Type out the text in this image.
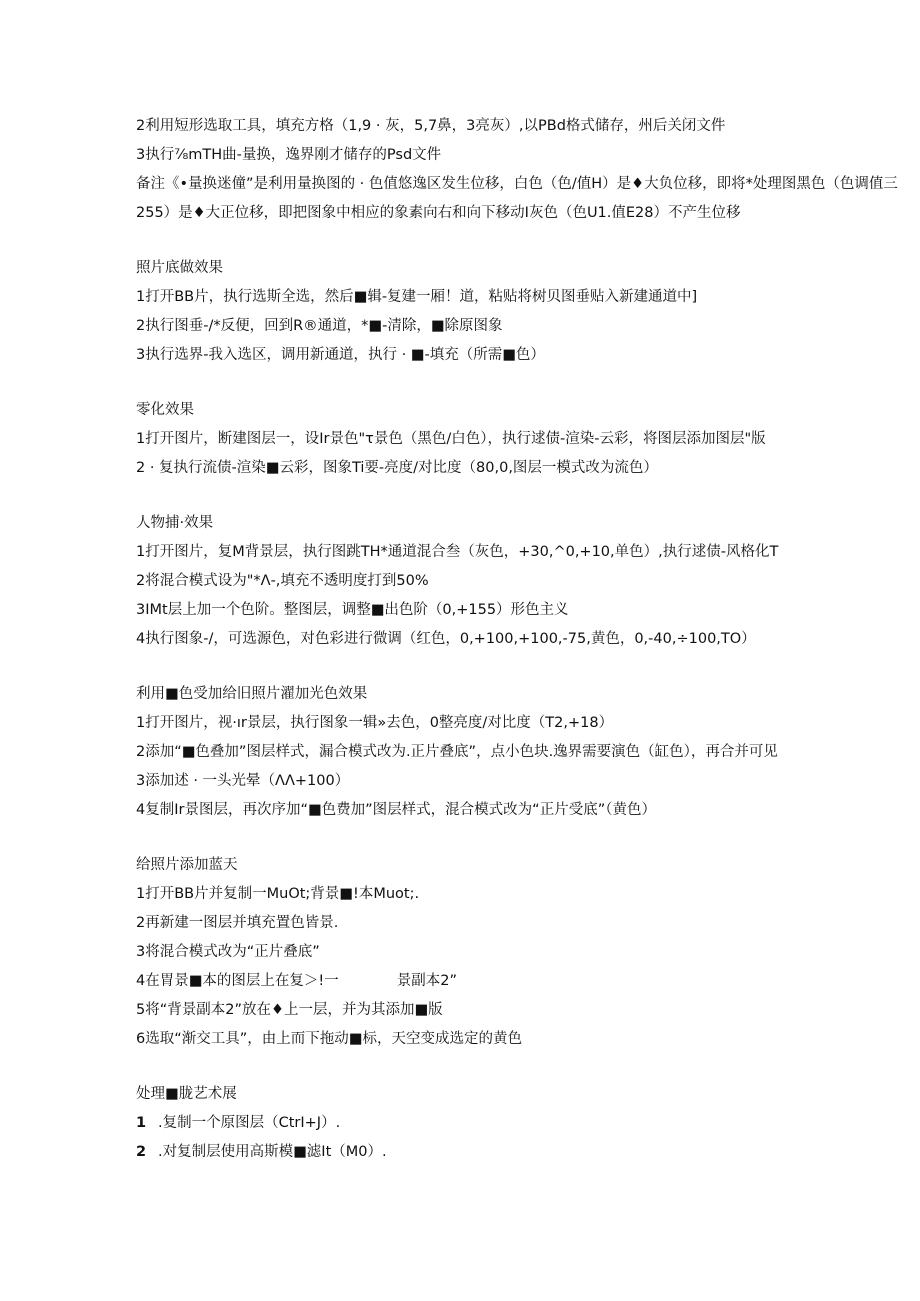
2利用短形选取工具，填充方格（1,9 · 灰，5,7鼻，3亮灰）,以PBd格式储存，州后关闭文件
3执行⅞mTH曲-量换，逸界刚才储存的Psd文件
备注《•量换迷僮”是利用量换图的 · 色值悠逸区发生位移，白色（色/值H）是♦大负位移，即将*处理图黑色（色调值三255）是♦大正位移，即把图象中相应的象素向右和向下移动I灰色（色U1.值E28）不产生位移
照片底做效果
1打开BB片，执行选斯全选，然后■辑-复建一厢！道，粘贴将树贝图垂贴入新建通道中]
2执行图垂-/*反便，回到R®通道，*■-清除，■除原图象
3执行选界-我入选区，调用新通道，执行 · ■-填充（所需■色）
零化效果
1打开图片，断建图层一，设Ir景色"τ景色（黑色/白色），执行逑债-渲染-云彩，将图层添加图层"版
2 · 复执行流债-渲染■云彩，图象Ti要-亮度/对比度（80,0,图层一模式改为流色）
人物捕·效果
1打开图片，复M背景层，执行图跳TH*通道混合叁（灰色，+30,^0,+10,单色）,执行逑债-风格化T
2将混合模式设为"*Λ-,填充不透明度打到50%
3IMt层上加一个色阶。整图层，调整■出色阶（0,+155）形色主义
4执行图象-/，可选源色，对色彩进行微调（红色，0,+100,+100,-75,黄色，0,-40,÷100,TO）
利用■色受加给旧照片濯加光色效果
1打开图片，视·ır景层，执行图象一辑»去色，0整亮度/对比度（T2,+18）
2添加“■色叠加”图层样式，漏合模式改为.正片叠底”，点小色块.逸界需要演色（缸色），再合并可见
3添加述 · 一头光晕（ΛΛ+100）
4复制Ir景图层，再次序加“■色费加”图层样式，混合模式改为“正片受底”（黄色）
给照片添加蓝天
1打开BB片并复制一MuOt;背景■!本Muot;.
2再新建一图层并填充置色皆景.
3将混合模式改为“正片叠底”
4在胃景■本的图层上在复＞!一	景副本2”
5将“背景副本2”放在♦上一层，并为其添加■版
6选取“渐交工具”，由上而下拖动■标，天空变成选定的黄色
处理■胧艺术展
1 .复制一个原图层（CtrI+J）.
2 .对复制层使用高斯模■滤It（M0）.
